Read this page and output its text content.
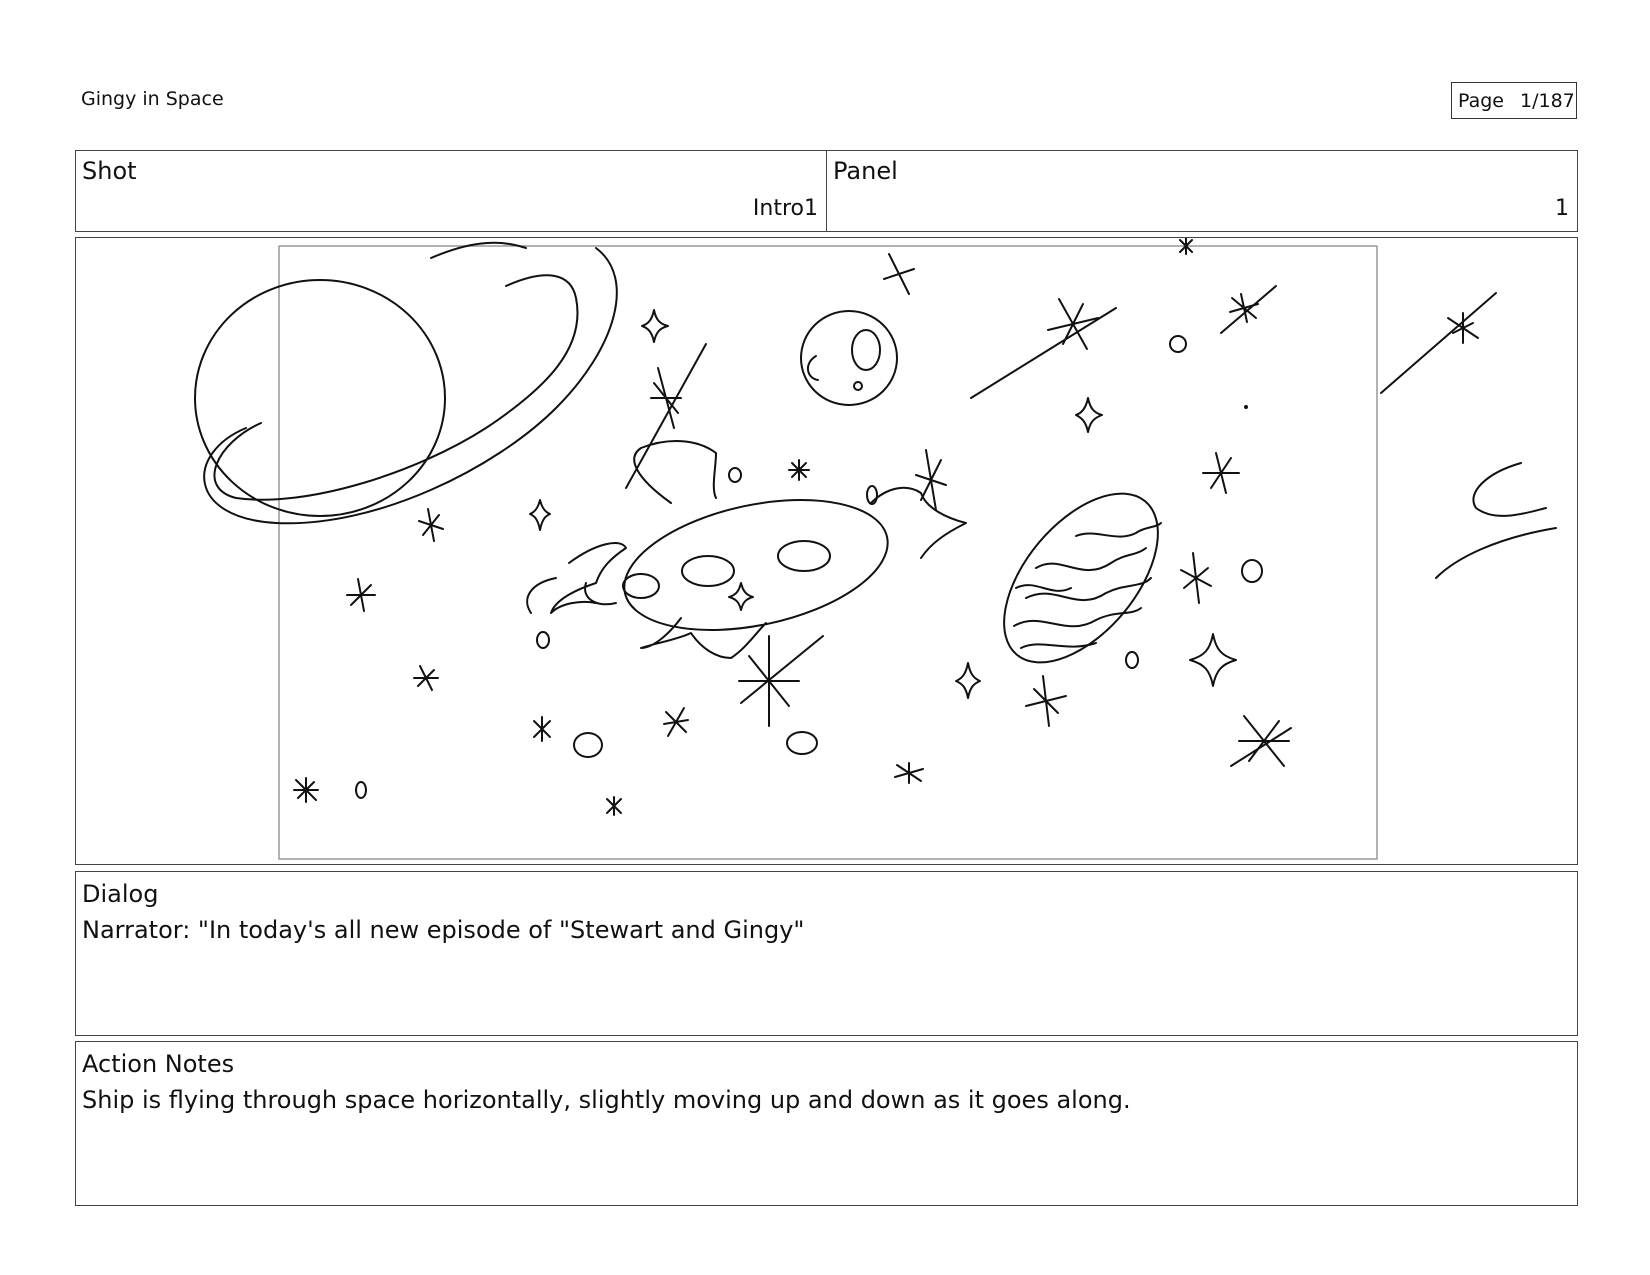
Gingy in Space	Page 1/187
Shot
Intro1
Panel
1
Dialog
Narrator: "In today's all new episode of "Stewart and Gingy"
Action Notes
Ship is flying through space horizontally, slightly moving up and down as it goes along.
